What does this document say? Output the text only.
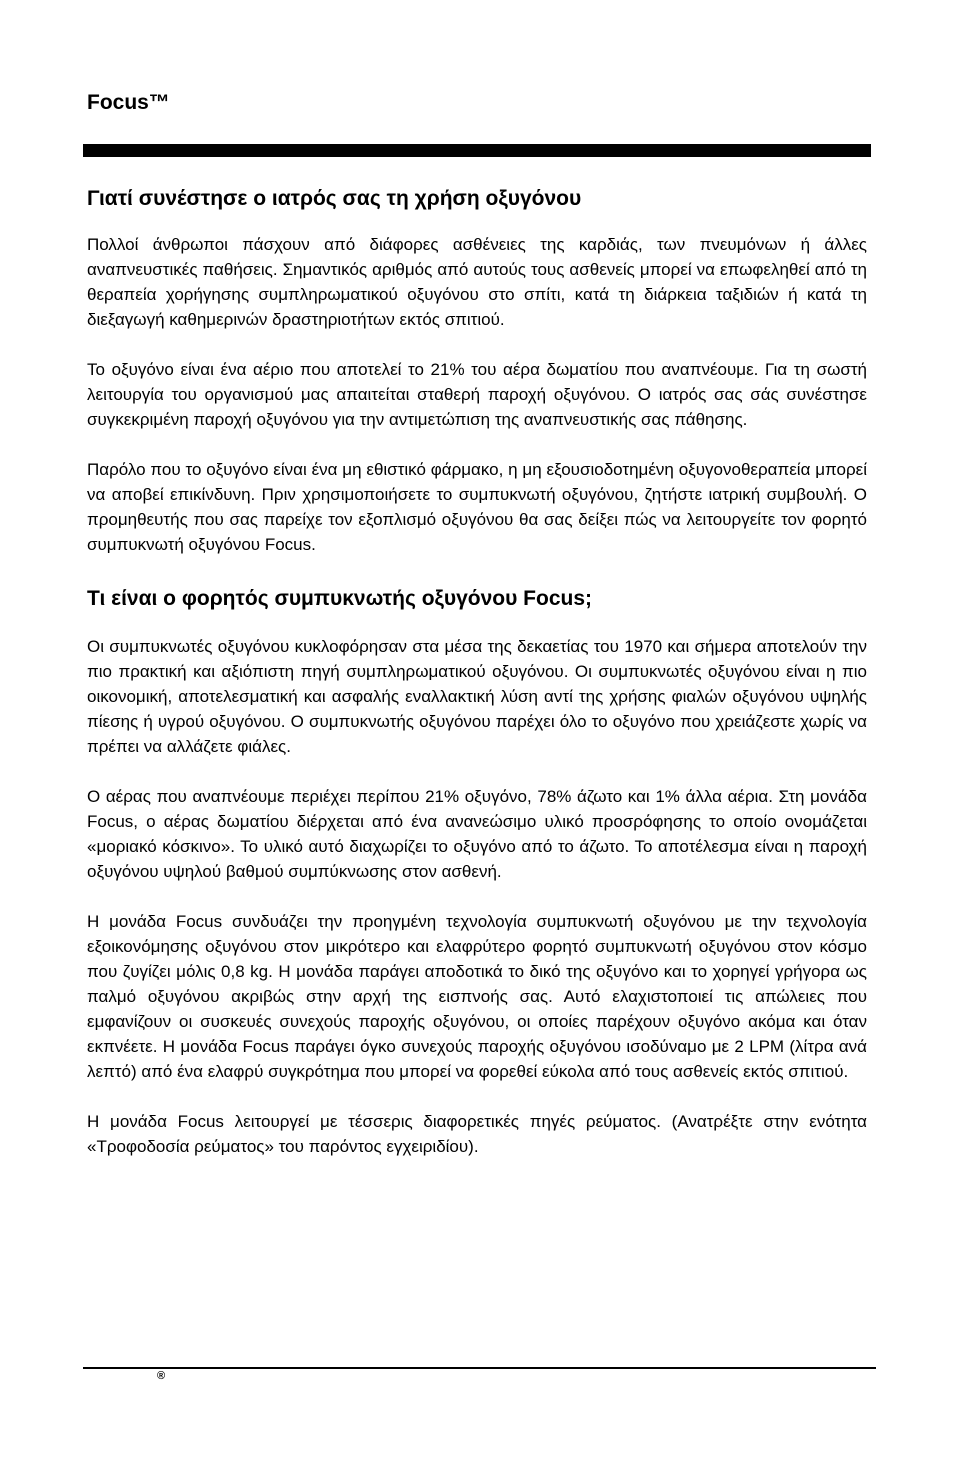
Focus™
Γιατί συνέστησε ο ιατρός σας τη χρήση οξυγόνου

Πολλοί άνθρωποι πάσχουν από διάφορες ασθένειες της καρδιάς, των πνευμόνων ή άλλες αναπνευστικές παθήσεις. Σημαντικός αριθμός από αυτούς τους ασθενείς μπορεί να επωφεληθεί από τη θεραπεία χορήγησης συμπληρωματικού οξυγόνου στο σπίτι, κατά τη διάρκεια ταξιδιών ή κατά τη διεξαγωγή καθημερινών δραστηριοτήτων εκτός σπιτιού.

Το οξυγόνο είναι ένα αέριο που αποτελεί το 21% του αέρα δωματίου που αναπνέουμε. Για τη σωστή λειτουργία του οργανισμού μας απαιτείται σταθερή παροχή οξυγόνου. Ο ιατρός σας σάς συνέστησε συγκεκριμένη παροχή οξυγόνου για την αντιμετώπιση της αναπνευστικής σας πάθησης.

Παρόλο που το οξυγόνο είναι ένα μη εθιστικό φάρμακο, η μη εξουσιοδοτημένη οξυγονοθεραπεία μπορεί να αποβεί επικίνδυνη. Πριν χρησιμοποιήσετε το συμπυκνωτή οξυγόνου, ζητήστε ιατρική συμβουλή. Ο προμηθευτής που σας παρείχε τον εξοπλισμό οξυγόνου θα σας δείξει πώς να λειτουργείτε τον φορητό συμπυκνωτή οξυγόνου Focus.

Τι είναι ο φορητός συμπυκνωτής οξυγόνου Focus;

Οι συμπυκνωτές οξυγόνου κυκλοφόρησαν στα μέσα της δεκαετίας του 1970 και σήμερα αποτελούν την πιο πρακτική και αξιόπιστη πηγή συμπληρωματικού οξυγόνου. Οι συμπυκνωτές οξυγόνου είναι η πιο οικονομική, αποτελεσματική και ασφαλής εναλλακτική λύση αντί της χρήσης φιαλών οξυγόνου υψηλής πίεσης ή υγρού οξυγόνου. Ο συμπυκνωτής οξυγόνου παρέχει όλο το οξυγόνο που χρειάζεστε χωρίς να πρέπει να αλλάζετε φιάλες.

Ο αέρας που αναπνέουμε περιέχει περίπου 21% οξυγόνο, 78% άζωτο και 1% άλλα αέρια. Στη μονάδα Focus, ο αέρας δωματίου διέρχεται από ένα ανανεώσιμο υλικό προσρόφησης το οποίο ονομάζεται «μοριακό κόσκινο». Το υλικό αυτό διαχωρίζει το οξυγόνο από το άζωτο. Το αποτέλεσμα είναι η παροχή οξυγόνου υψηλού βαθμού συμπύκνωσης στον ασθενή.

Η μονάδα Focus συνδυάζει την προηγμένη τεχνολογία συμπυκνωτή οξυγόνου με την τεχνολογία εξοικονόμησης οξυγόνου στον μικρότερο και ελαφρύτερο φορητό συμπυκνωτή οξυγόνου στον κόσμο που ζυγίζει μόλις 0,8 kg. Η μονάδα παράγει αποδοτικά το δικό της οξυγόνο και το χορηγεί γρήγορα ως παλμό οξυγόνου ακριβώς στην αρχή της εισπνοής σας. Αυτό ελαχιστοποιεί τις απώλειες που εμφανίζουν οι συσκευές συνεχούς παροχής οξυγόνου, οι οποίες παρέχουν οξυγόνο ακόμα και όταν εκπνέετε. Η μονάδα Focus παράγει όγκο συνεχούς παροχής οξυγόνου ισοδύναμο με 2 LPM (λίτρα ανά λεπτό) από ένα ελαφρύ συγκρότημα που μπορεί να φορεθεί εύκολα από τους ασθενείς εκτός σπιτιού.

Η μονάδα Focus λειτουργεί με τέσσερις διαφορετικές πηγές ρεύματος. (Ανατρέξτε στην ενότητα «Τροφοδοσία ρεύματος» του παρόντος εγχειριδίου).

®
